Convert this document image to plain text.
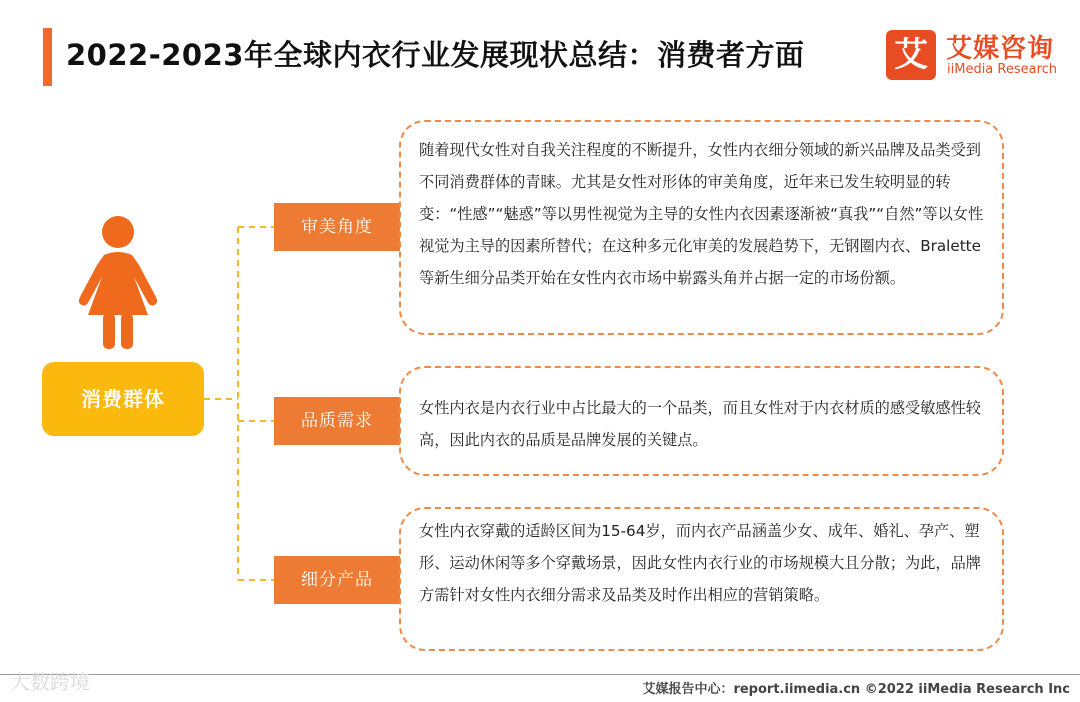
2022-2023年全球内衣行业发展现状总结：消费者方面	艾 艾媒咨询
iiMedia Research
消费群体
审美角度

随着现代女性对自我关注程度的不断提升，女性内衣细分领域的新兴品牌及品类受到不同消费群体的青睐。尤其是女性对形体的审美角度，近年来已发生较明显的转变：“性感”“魅惑”等以男性视觉为主导的女性内衣因素逐渐被“真我”“自然”等以女性视觉为主导的因素所替代；在这种多元化审美的发展趋势下，无钢圈内衣、Bralette等新生细分品类开始在女性内衣市场中崭露头角并占据一定的市场份额。

品质需求

女性内衣是内衣行业中占比最大的一个品类，而且女性对于内衣材质的感受敏感性较高，因此内衣的品质是品牌发展的关键点。

细分产品

女性内衣穿戴的适龄区间为15-64岁，而内衣产品涵盖少女、成年、婚礼、孕产、塑形、运动休闲等多个穿戴场景，因此女性内衣行业的市场规模大且分散；为此，品牌方需针对女性内衣细分需求及品类及时作出相应的营销策略。

大数跨境	艾媒报告中心：report.iimedia.cn ©2022 iiMedia Research Inc
